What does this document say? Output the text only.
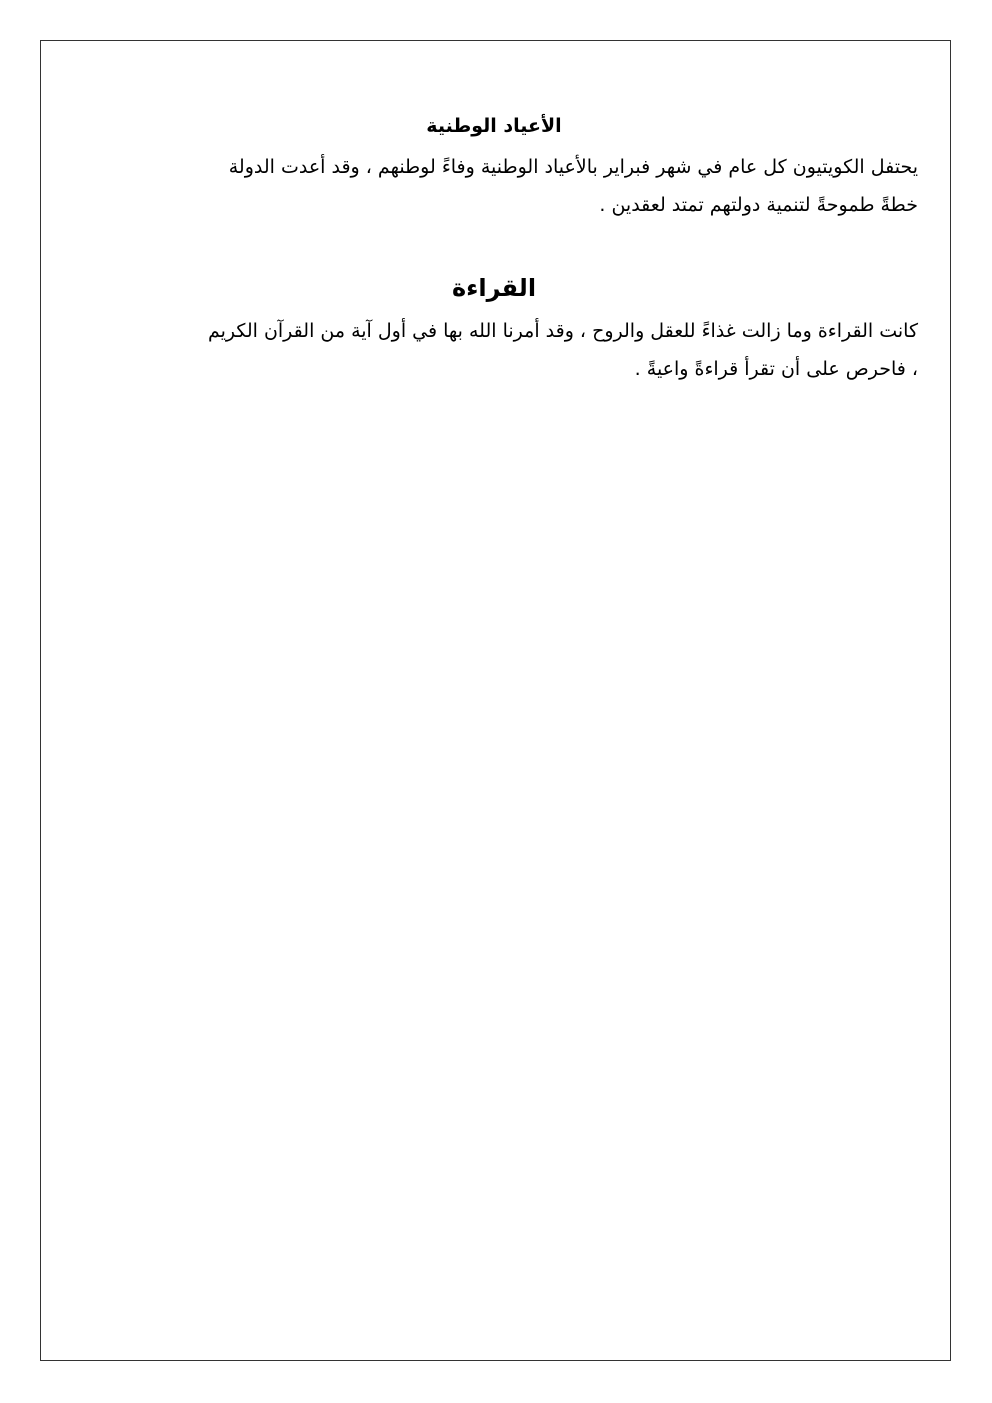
الأعياد الوطنية

يحتفل الكويتيون كل عام في شهر فبراير بالأعياد الوطنية وفاءً لوطنهم ، وقد أعدت الدولة
خطةً طموحةً لتنمية دولتهم تمتد لعقدين .

القراءة

كانت القراءة وما زالت غذاءً للعقل والروح ، وقد أمرنا الله بها في أول آية من القرآن الكريم
، فاحرص على أن تقرأ قراءةً واعيةً .
